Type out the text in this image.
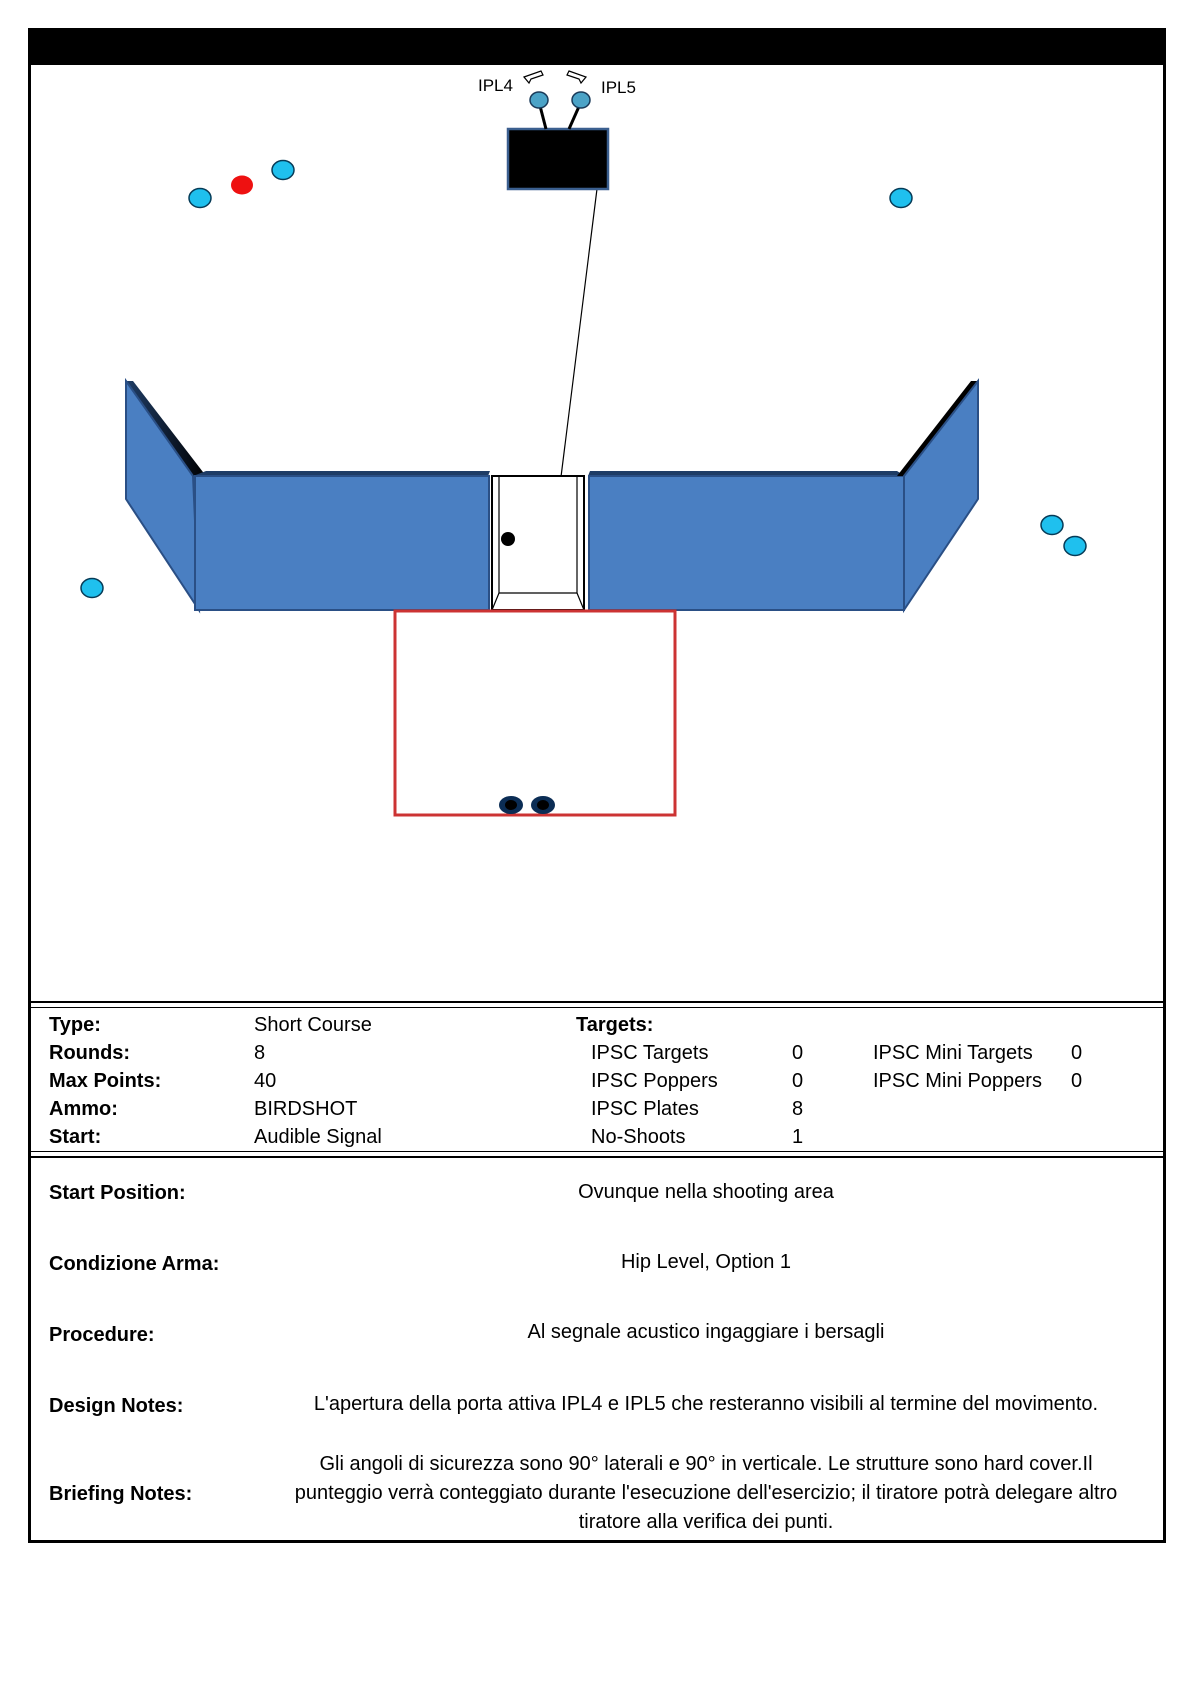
IPL4	IPL5
Type:	Short Course	Targets:
Rounds:	8	IPSC Targets	0	IPSC Mini Targets 0
Max Points:	40	IPSC Poppers	0	IPSC Mini Poppers 0
Ammo:	BIRDSHOT	IPSC Plates	8
Start:	Audible Signal	No-Shoots	1
Start Position:	Ovunque nella shooting area
Condizione Arma:	Hip Level, Option 1
Procedure:	Al segnale acustico ingaggiare i bersagli
Design Notes:	L'apertura della porta attiva IPL4 e IPL5 che resteranno visibili al termine del movimento.
Briefing Notes:
Gli angoli di sicurezza sono 90° laterali e 90° in verticale. Le strutture sono hard cover.Il
punteggio verrà conteggiato durante l'esecuzione dell'esercizio; il tiratore potrà delegare altro
tiratore alla verifica dei punti.
